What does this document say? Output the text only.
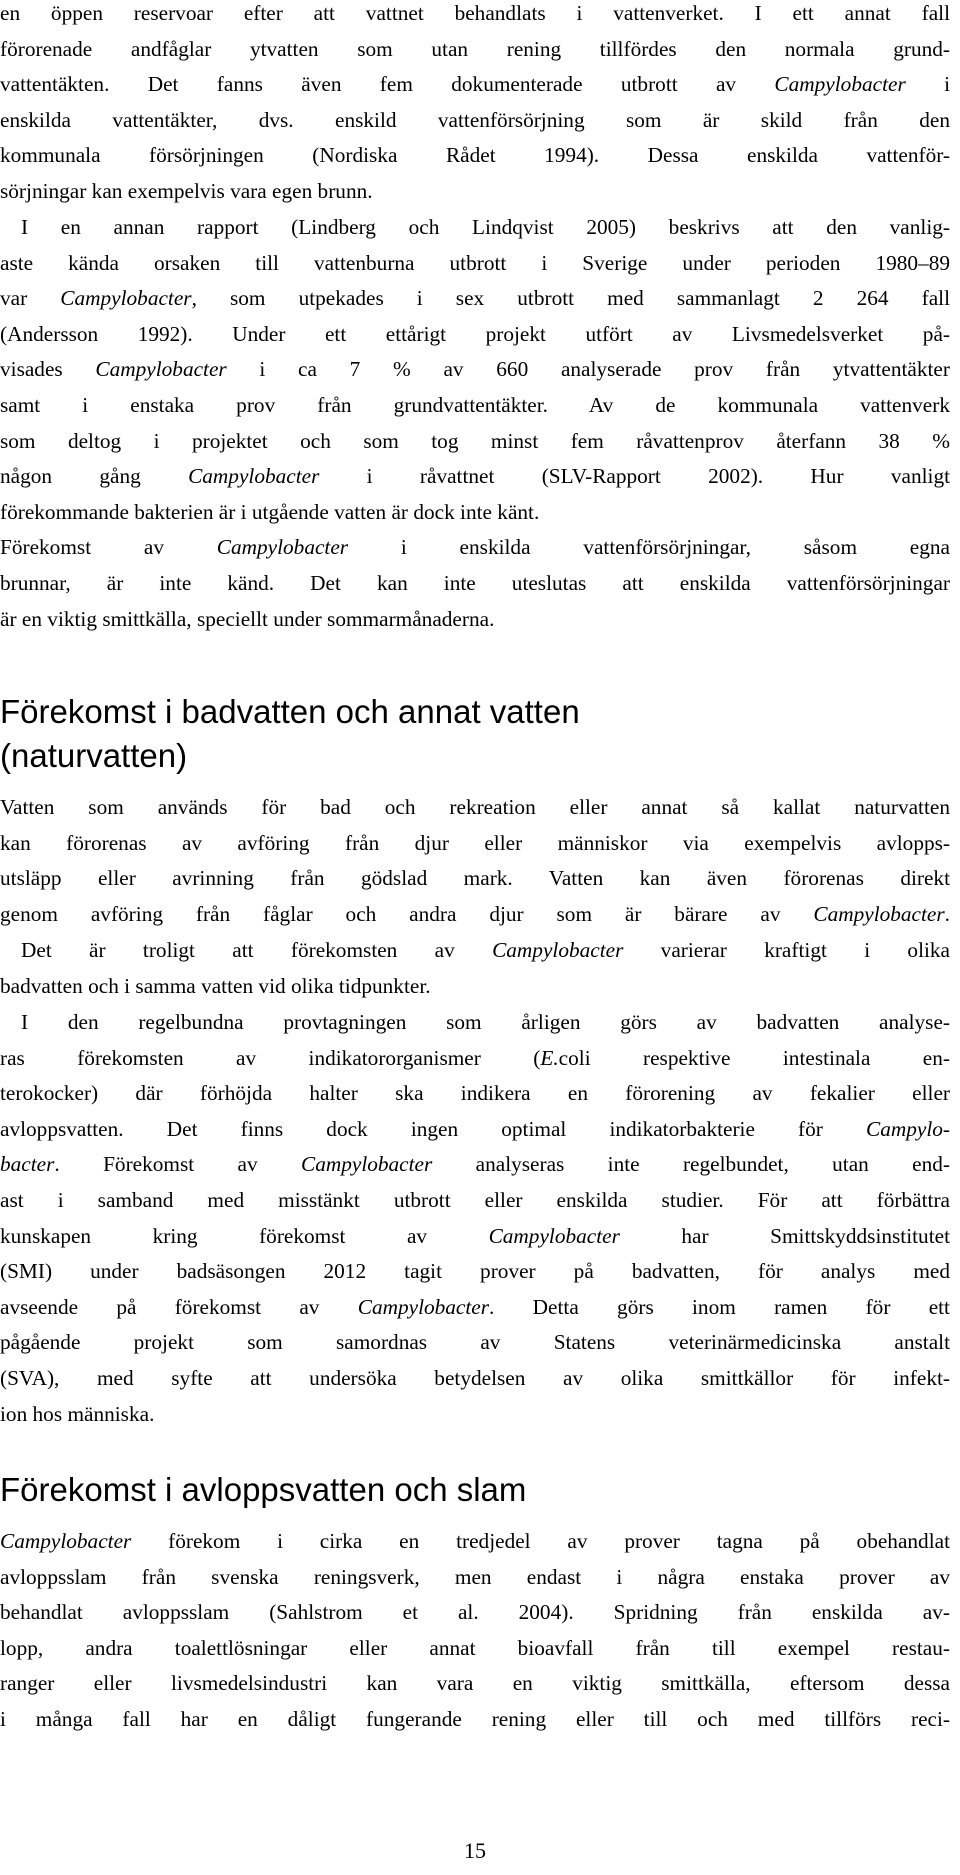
en öppen reservoar efter att vattnet behandlats i vattenverket. I ett annat fall
förorenade andfåglar ytvatten som utan rening tillfördes den normala grund-
vattentäkten. Det fanns även fem dokumenterade utbrott av Campylobacter i
enskilda vattentäkter, dvs. enskild vattenförsörjning som är skild från den
kommunala försörjningen (Nordiska Rådet 1994). Dessa enskilda vattenför-
sörjningar kan exempelvis vara egen brunn.
I en annan rapport (Lindberg och Lindqvist 2005) beskrivs att den vanlig-
aste kända orsaken till vattenburna utbrott i Sverige under perioden 1980–89
var Campylobacter, som utpekades i sex utbrott med sammanlagt 2 264 fall
(Andersson 1992). Under ett ettårigt projekt utfört av Livsmedelsverket på-
visades Campylobacter i ca 7 % av 660 analyserade prov från ytvattentäkter
samt i enstaka prov från grundvattentäkter. Av de kommunala vattenverk
som deltog i projektet och som tog minst fem råvattenprov återfann 38 %
någon gång Campylobacter i råvattnet (SLV-Rapport 2002). Hur vanligt
förekommande bakterien är i utgående vatten är dock inte känt.
Förekomst av Campylobacter i enskilda vattenförsörjningar, såsom egna
brunnar, är inte känd. Det kan inte uteslutas att enskilda vattenförsörjningar
är en viktig smittkälla, speciellt under sommarmånaderna.
Förekomst i badvatten och annat vatten
(naturvatten)
Vatten som används för bad och rekreation eller annat så kallat naturvatten
kan förorenas av avföring från djur eller människor via exempelvis avlopps-
utsläpp eller avrinning från gödslad mark. Vatten kan även förorenas direkt
genom avföring från fåglar och andra djur som är bärare av Campylobacter.
Det är troligt att förekomsten av Campylobacter varierar kraftigt i olika
badvatten och i samma vatten vid olika tidpunkter.
I den regelbundna provtagningen som årligen görs av badvatten analyse-
ras förekomsten av indikatororganismer (E.coli respektive intestinala en-
terokocker) där förhöjda halter ska indikera en förorening av fekalier eller
avloppsvatten. Det finns dock ingen optimal indikatorbakterie för Campylo-
bacter. Förekomst av Campylobacter analyseras inte regelbundet, utan end-
ast i samband med misstänkt utbrott eller enskilda studier. För att förbättra
kunskapen kring förekomst av Campylobacter har Smittskyddsinstitutet
(SMI) under badsäsongen 2012 tagit prover på badvatten, för analys med
avseende på förekomst av Campylobacter. Detta görs inom ramen för ett
pågående projekt som samordnas av Statens veterinärmedicinska anstalt
(SVA), med syfte att undersöka betydelsen av olika smittkällor för infekt-
ion hos människa.
Förekomst i avloppsvatten och slam
Campylobacter förekom i cirka en tredjedel av prover tagna på obehandlat
avloppsslam från svenska reningsverk, men endast i några enstaka prover av
behandlat avloppsslam (Sahlstrom et al. 2004). Spridning från enskilda av-
lopp, andra toalettlösningar eller annat bioavfall från till exempel restau-
ranger eller livsmedelsindustri kan vara en viktig smittkälla, eftersom dessa
i många fall har en dåligt fungerande rening eller till och med tillförs reci-
15
